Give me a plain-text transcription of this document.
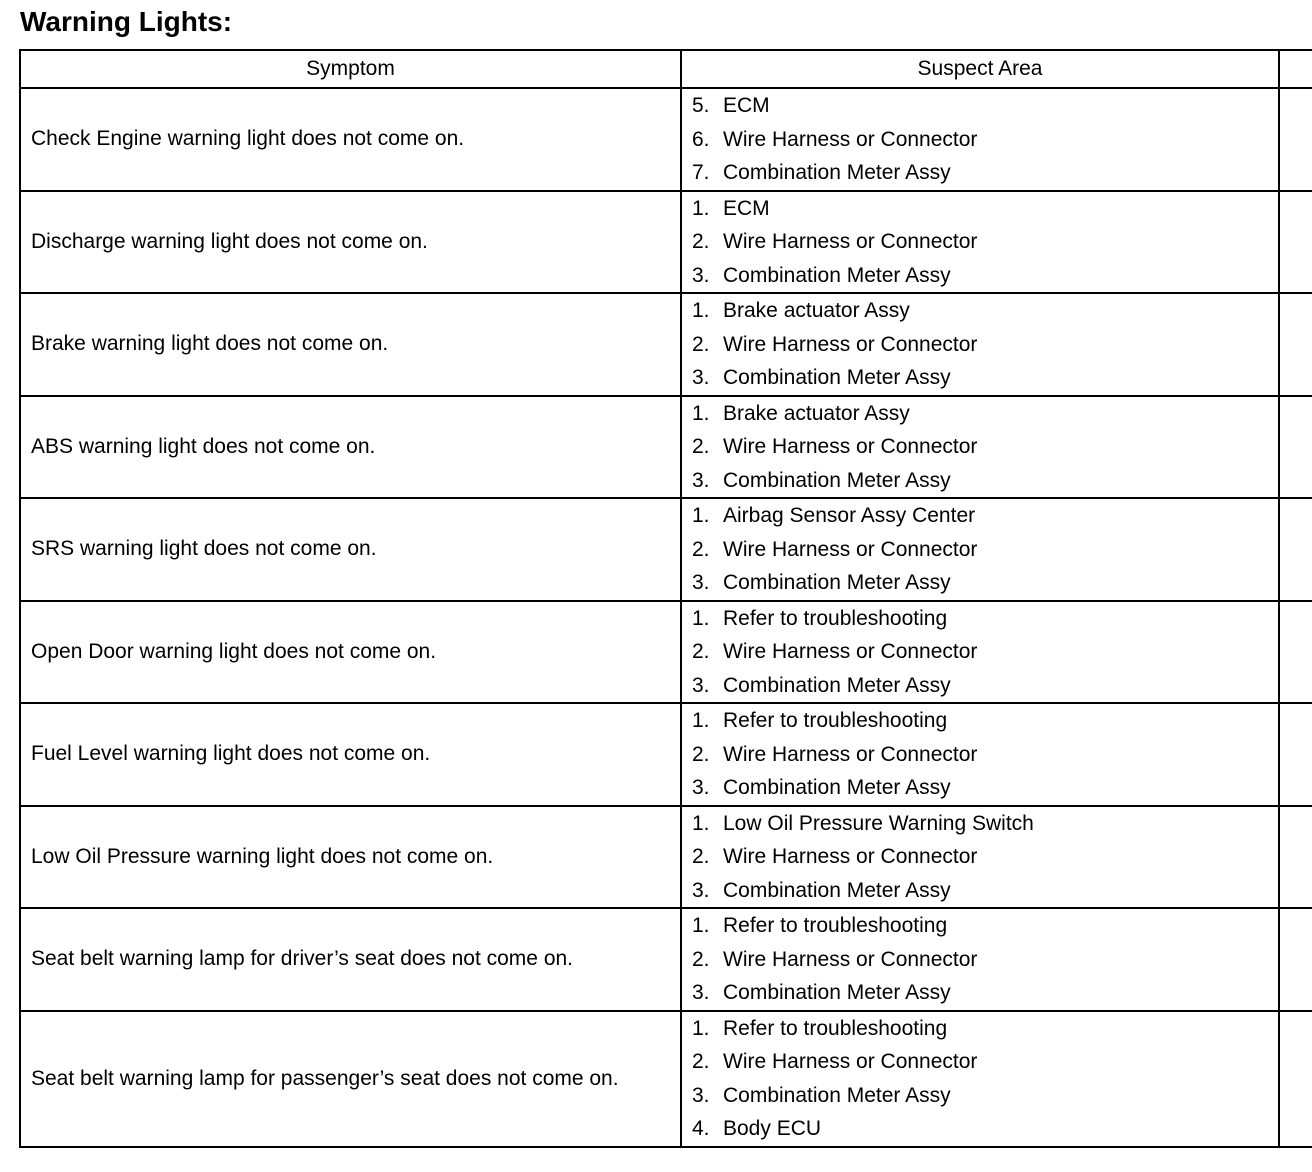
Warning Lights:
Symptom	Suspect Area	
Check Engine warning light does not come on.	5. ECM
6. Wire Harness or Connector
7. Combination Meter Assy	

Discharge warning light does not come on.	1. ECM
2. Wire Harness or Connector
3. Combination Meter Assy	

Brake warning light does not come on.	1. Brake actuator Assy
2. Wire Harness or Connector
3. Combination Meter Assy	

ABS warning light does not come on.	1. Brake actuator Assy
2. Wire Harness or Connector
3. Combination Meter Assy	

SRS warning light does not come on.	1. Airbag Sensor Assy Center
2. Wire Harness or Connector
3. Combination Meter Assy	

Open Door warning light does not come on.	1. Refer to troubleshooting
2. Wire Harness or Connector
3. Combination Meter Assy	

Fuel Level warning light does not come on.	1. Refer to troubleshooting
2. Wire Harness or Connector
3. Combination Meter Assy	

Low Oil Pressure warning light does not come on.	1. Low Oil Pressure Warning Switch
2. Wire Harness or Connector
3. Combination Meter Assy	

Seat belt warning lamp for driver’s seat does not come on.	1. Refer to troubleshooting
2. Wire Harness or Connector
3. Combination Meter Assy	

Seat belt warning lamp for passenger’s seat does not come on.	1. Refer to troubleshooting
2. Wire Harness or Connector
3. Combination Meter Assy
4. Body ECU	
